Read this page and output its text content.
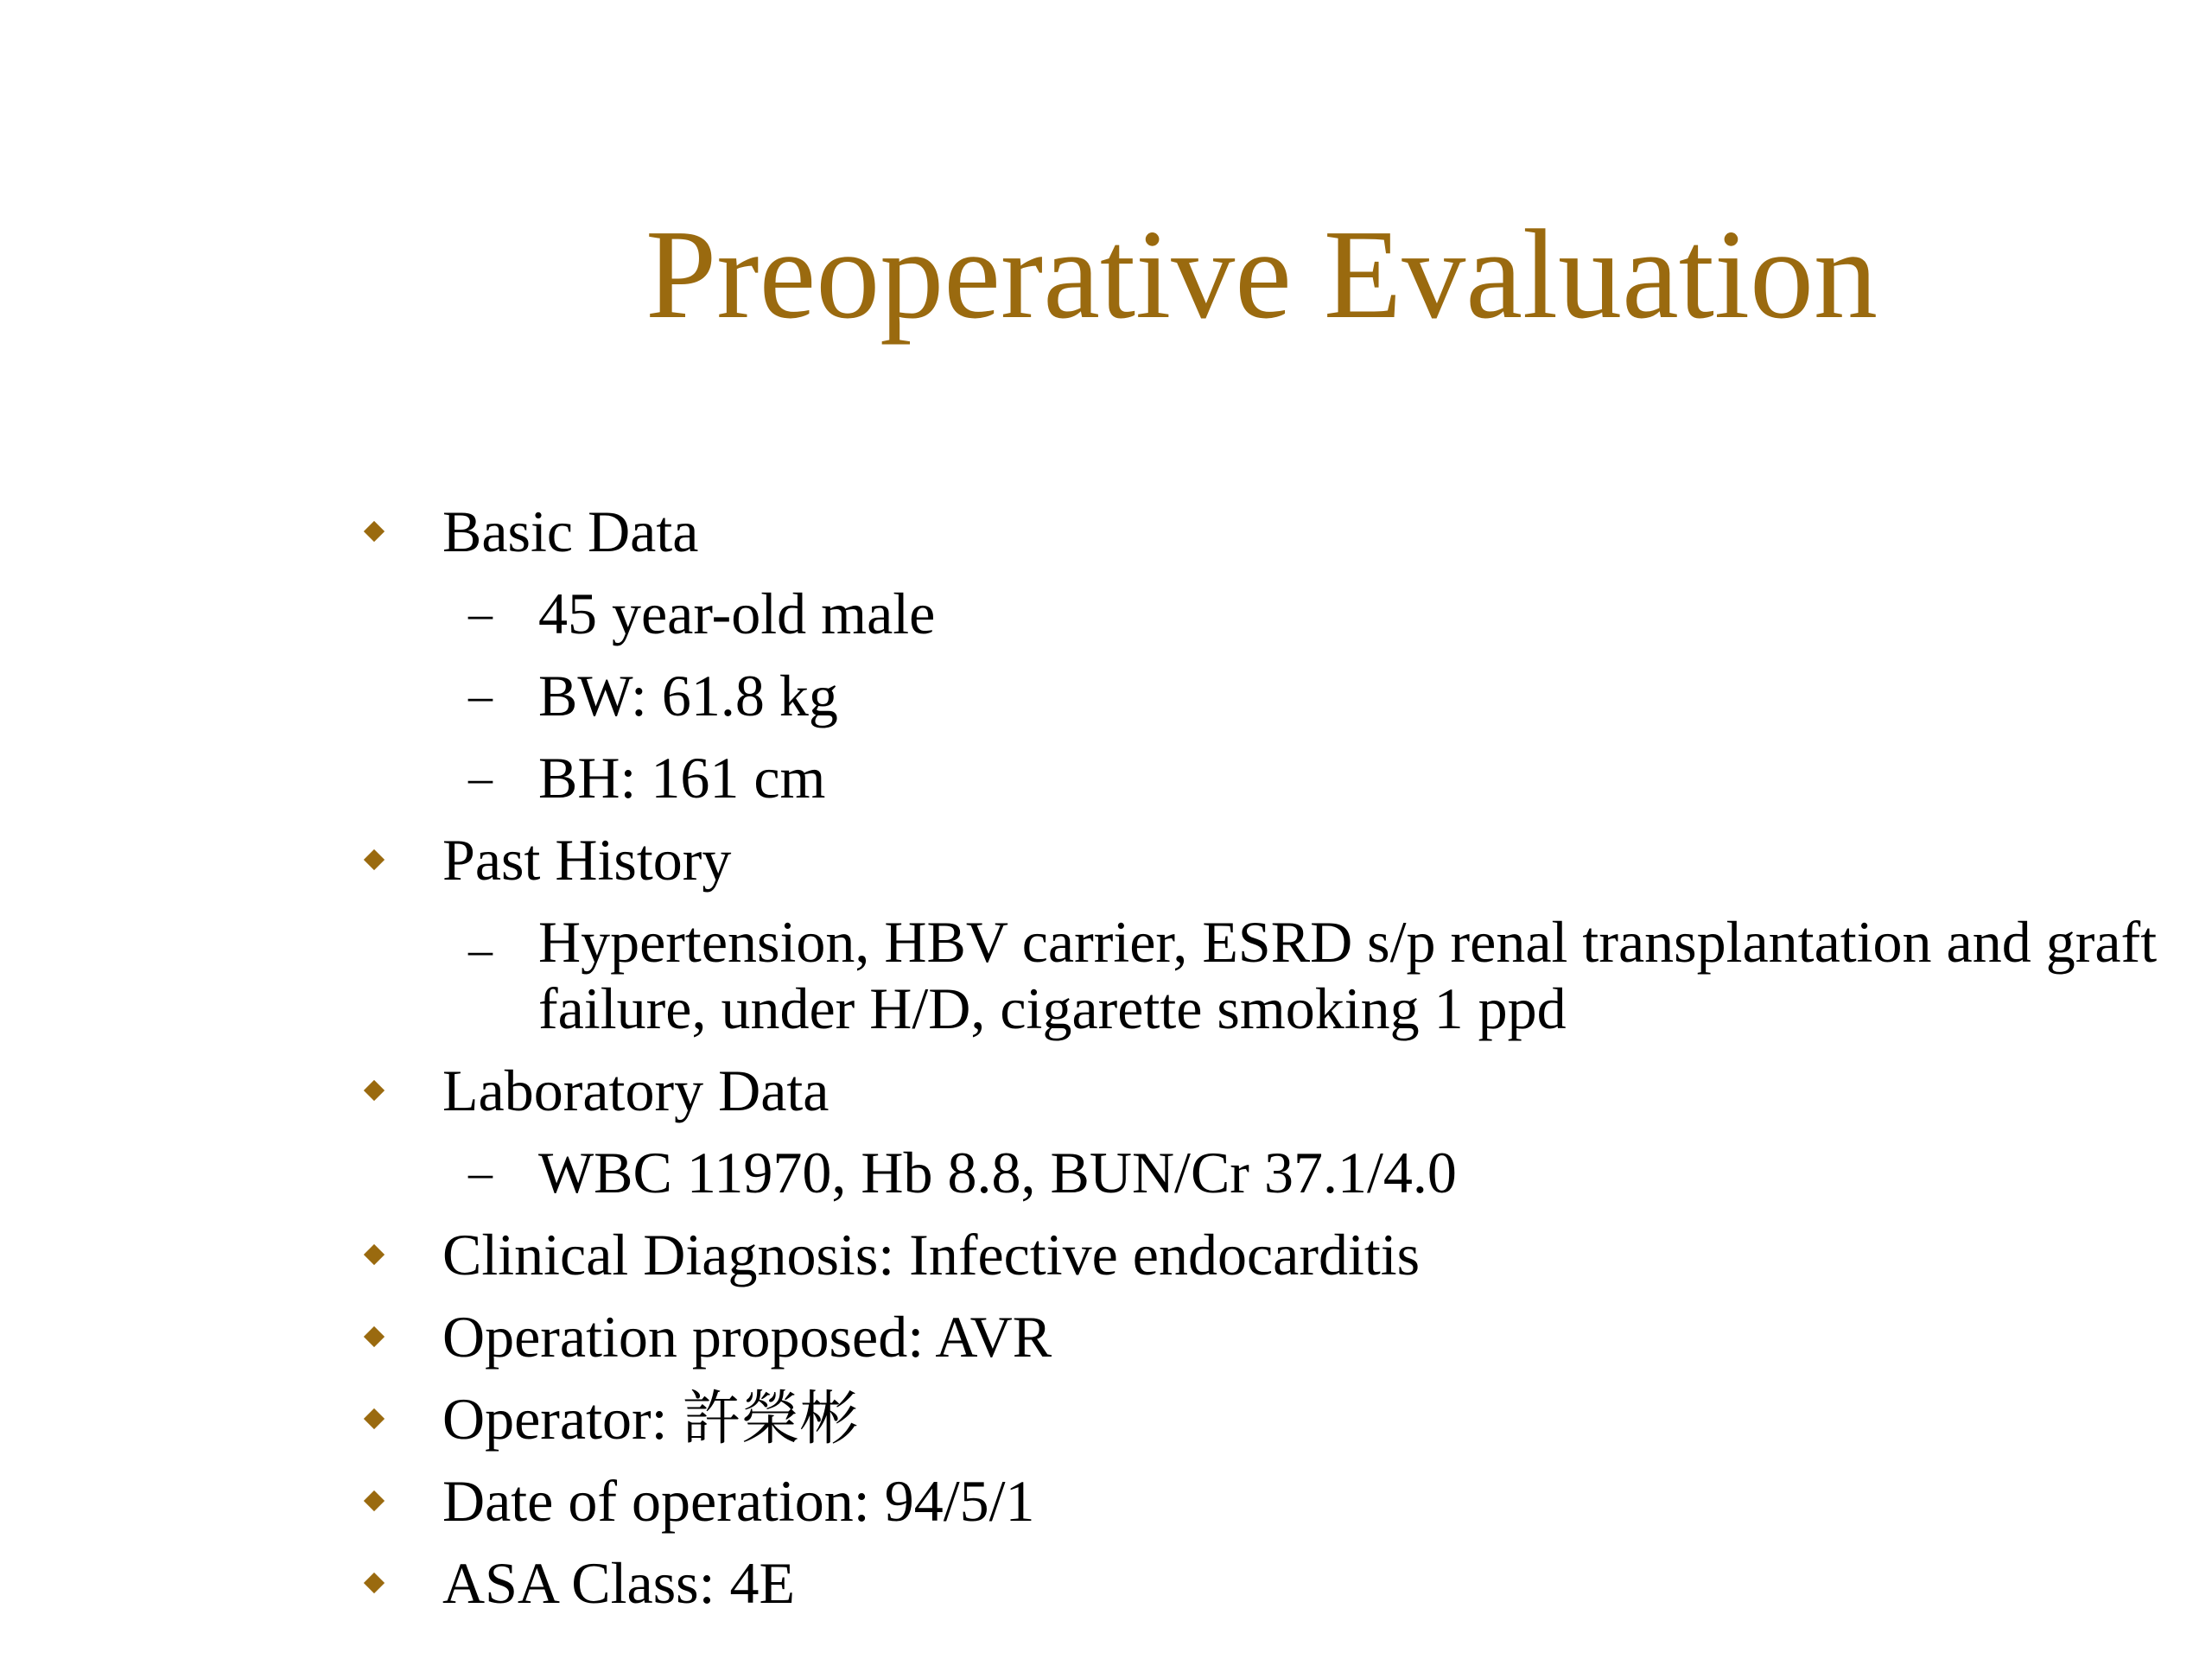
Preoperative Evaluation
Basic Data
– 45 year-old male
– BW: 61.8 kg
– BH: 161 cm
Past History
– Hypertension, HBV carrier, ESRD s/p renal transplantation and graft failure, under H/D, cigarette smoking 1 ppd
Laboratory Data
– WBC 11970, Hb 8.8, BUN/Cr 37.1/4.0
Clinical Diagnosis: Infective endocarditis
Operation proposed: AVR
Operator: 許榮彬
Date of operation: 94/5/1
ASA Class: 4E
